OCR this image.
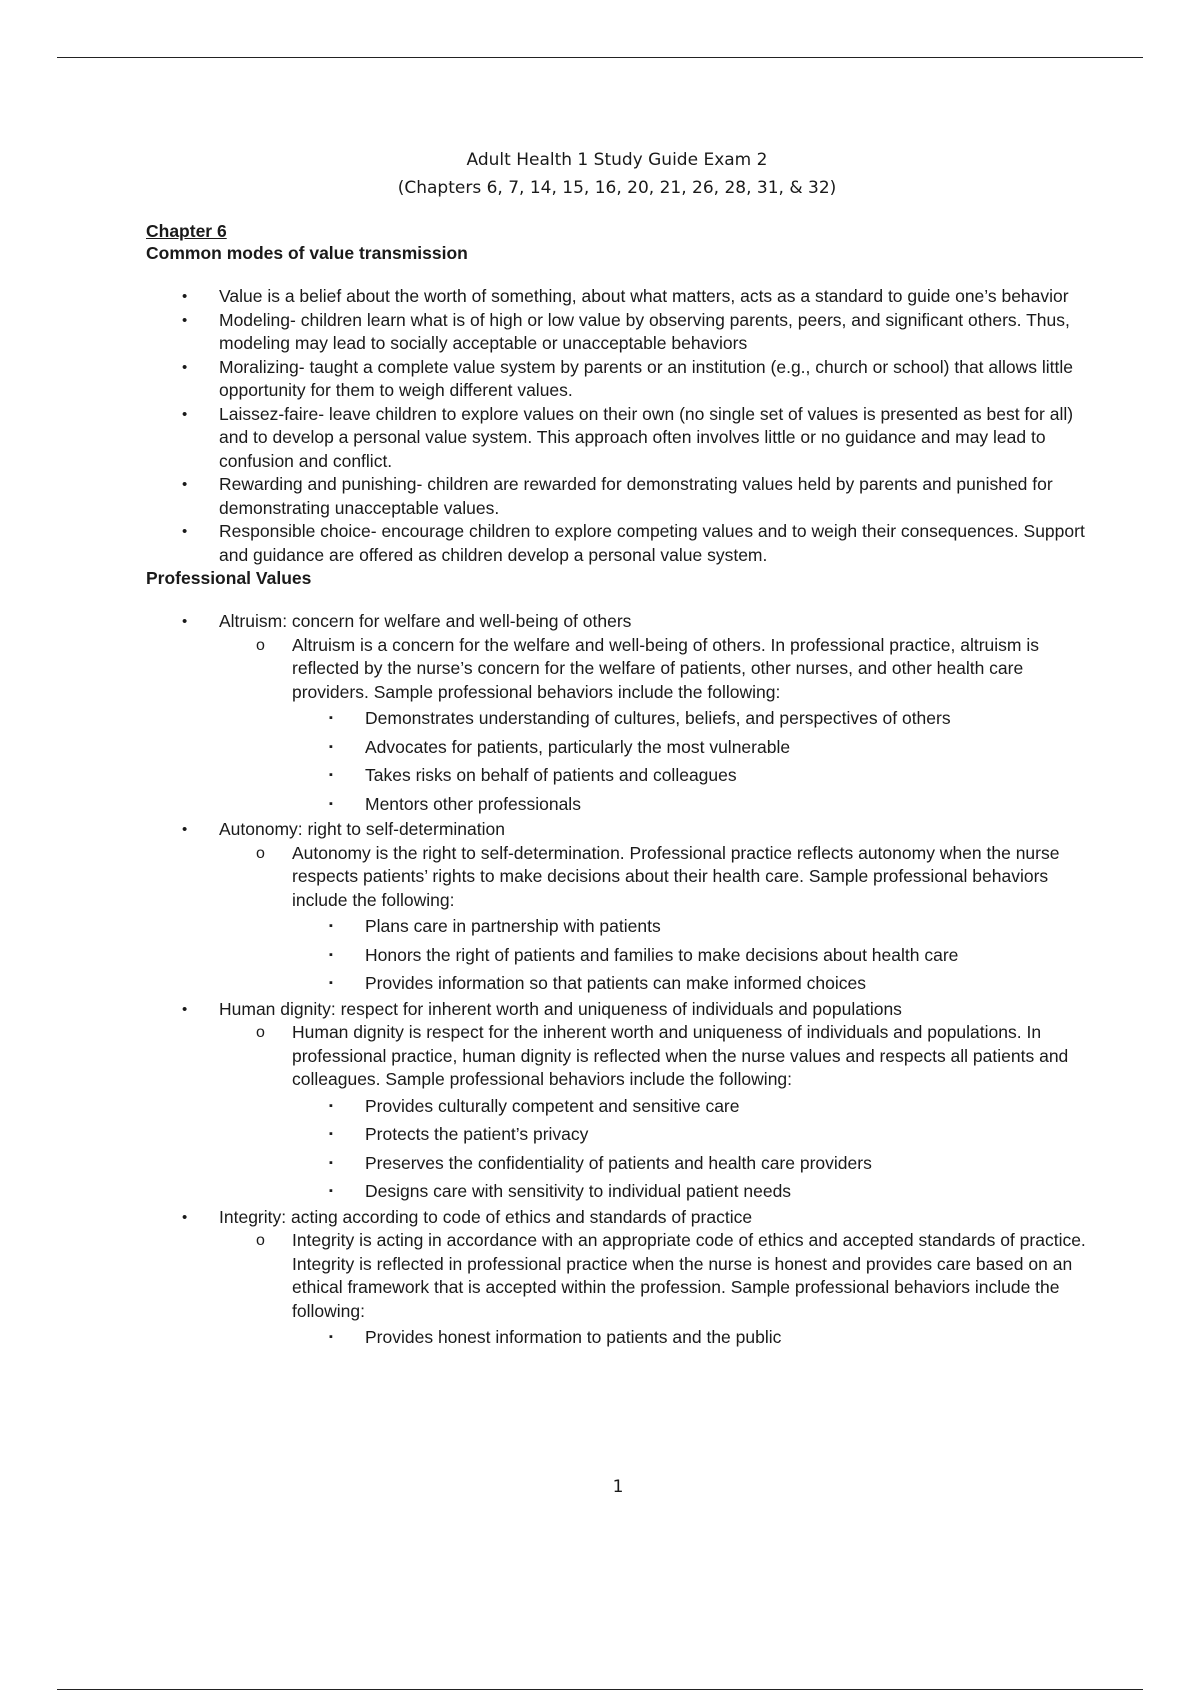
Adult Health 1 Study Guide Exam 2
(Chapters 6, 7, 14, 15, 16, 20, 21, 26, 28, 31, & 32)
Chapter 6
Common modes of value transmission
• Value is a belief about the worth of something, about what matters, acts as a standard to guide one’s behavior
• Modeling- children learn what is of high or low value by observing parents, peers, and significant others. Thus, modeling may lead to socially acceptable or unacceptable behaviors
• Moralizing- taught a complete value system by parents or an institution (e.g., church or school) that allows little opportunity for them to weigh different values.
• Laissez-faire- leave children to explore values on their own (no single set of values is presented as best for all) and to develop a personal value system. This approach often involves little or no guidance and may lead to confusion and conflict.
• Rewarding and punishing- children are rewarded for demonstrating values held by parents and punished for demonstrating unacceptable values.
• Responsible choice- encourage children to explore competing values and to weigh their consequences. Support and guidance are offered as children develop a personal value system.
Professional Values
• Altruism: concern for welfare and well-being of others
o Altruism is a concern for the welfare and well-being of others. In professional practice, altruism is reflected by the nurse’s concern for the welfare of patients, other nurses, and other health care providers. Sample professional behaviors include the following:
▪ Demonstrates understanding of cultures, beliefs, and perspectives of others
▪ Advocates for patients, particularly the most vulnerable
▪ Takes risks on behalf of patients and colleagues
▪ Mentors other professionals
• Autonomy: right to self-determination
o Autonomy is the right to self-determination. Professional practice reflects autonomy when the nurse respects patients’ rights to make decisions about their health care. Sample professional behaviors include the following:
▪ Plans care in partnership with patients
▪ Honors the right of patients and families to make decisions about health care
▪ Provides information so that patients can make informed choices
• Human dignity: respect for inherent worth and uniqueness of individuals and populations
o Human dignity is respect for the inherent worth and uniqueness of individuals and populations. In professional practice, human dignity is reflected when the nurse values and respects all patients and colleagues. Sample professional behaviors include the following:
▪ Provides culturally competent and sensitive care
▪ Protects the patient’s privacy
▪ Preserves the confidentiality of patients and health care providers
▪ Designs care with sensitivity to individual patient needs
• Integrity: acting according to code of ethics and standards of practice
o Integrity is acting in accordance with an appropriate code of ethics and accepted standards of practice. Integrity is reflected in professional practice when the nurse is honest and provides care based on an ethical framework that is accepted within the profession. Sample professional behaviors include the following:
▪ Provides honest information to patients and the public
1
